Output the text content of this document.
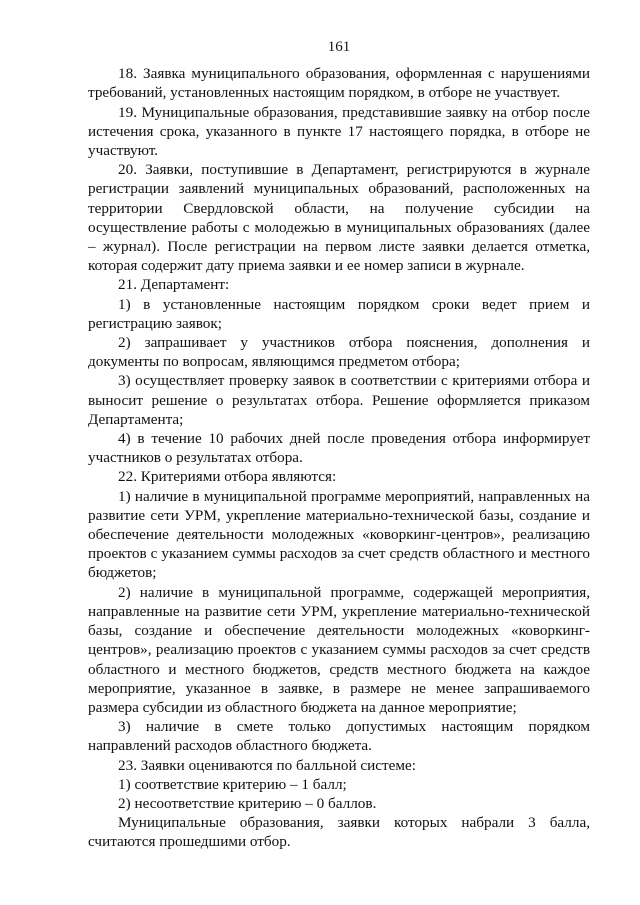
161

18. Заявка муниципального образования, оформленная с нарушениями требований, установленных настоящим порядком, в отборе не участвует.

19. Муниципальные образования, представившие заявку на отбор после истечения срока, указанного в пункте 17 настоящего порядка, в отборе не участвуют.

20. Заявки, поступившие в Департамент, регистрируются в журнале регистрации заявлений муниципальных образований, расположенных на территории Свердловской области, на получение субсидии на осуществление работы с молодежью в муниципальных образованиях (далее – журнал). После регистрации на первом листе заявки делается отметка, которая содержит дату приема заявки и ее номер записи в журнале.

21. Департамент:

1) в установленные настоящим порядком сроки ведет прием и регистрацию заявок;

2) запрашивает у участников отбора пояснения, дополнения и документы по вопросам, являющимся предметом отбора;

3) осуществляет проверку заявок в соответствии с критериями отбора и выносит решение о результатах отбора. Решение оформляется приказом Департамента;

4) в течение 10 рабочих дней после проведения отбора информирует участников о результатах отбора.

22. Критериями отбора являются:

1) наличие в муниципальной программе мероприятий, направленных на развитие сети УРМ, укрепление материально-технической базы, создание и обеспечение деятельности молодежных «коворкинг-центров», реализацию проектов с указанием суммы расходов за счет средств областного и местного бюджетов;

2) наличие в муниципальной программе, содержащей мероприятия, направленные на развитие сети УРМ, укрепление материально-технической базы, создание и обеспечение деятельности молодежных «коворкинг-центров», реализацию проектов с указанием суммы расходов за счет средств областного и местного бюджетов, средств местного бюджета на каждое мероприятие, указанное в заявке, в размере не менее запрашиваемого размера субсидии из областного бюджета на данное мероприятие;

3) наличие в смете только допустимых настоящим порядком направлений расходов областного бюджета.

23. Заявки оцениваются по балльной системе:

1) соответствие критерию – 1 балл;

2) несоответствие критерию – 0 баллов.

Муниципальные образования, заявки которых набрали 3 балла, считаются прошедшими отбор.
